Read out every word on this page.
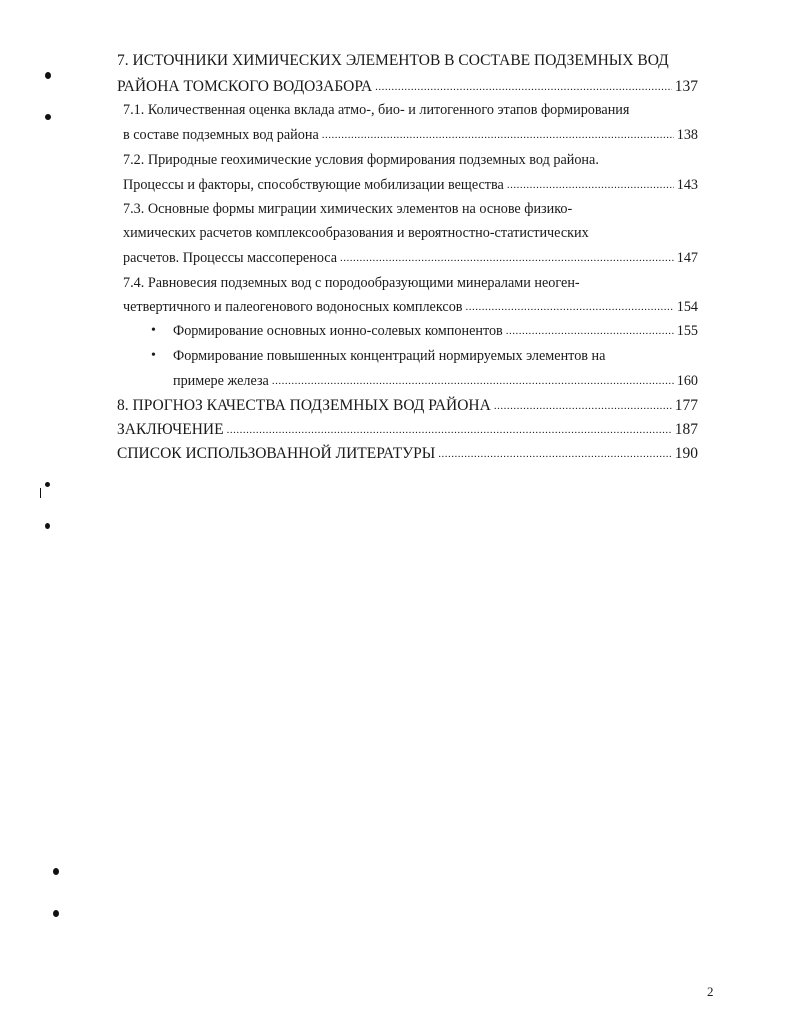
7. ИСТОЧНИКИ ХИМИЧЕСКИХ ЭЛЕМЕНТОВ В СОСТАВЕ ПОДЗЕМНЫХ ВОД
РАЙОНА ТОМСКОГО ВОДОЗАБОРА .....	137
7.1. Количественная оценка вклада атмо-, био- и литогенного этапов формирования
в составе подземных вод района .....	138
7.2. Природные геохимические условия формирования подземных вод района.
Процессы и факторы, способствующие мобилизации вещества .....	143
7.3. Основные формы миграции химических элементов на основе физико-
химических расчетов комплексообразования и вероятностно-статистических
расчетов. Процессы массопереноса .....	147
7.4. Равновесия подземных вод с породообразующими минералами неоген-
четвертичного и палеогенового водоносных комплексов .....	154
• Формирование основных ионно-солевых компонентов .....	155
• Формирование повышенных концентраций нормируемых элементов на
примере железа .....	160
8. ПРОГНОЗ КАЧЕСТВА ПОДЗЕМНЫХ ВОД РАЙОНА .....	177
ЗАКЛЮЧЕНИЕ .....	187
СПИСОК ИСПОЛЬЗОВАННОЙ ЛИТЕРАТУРЫ .....	190
2
